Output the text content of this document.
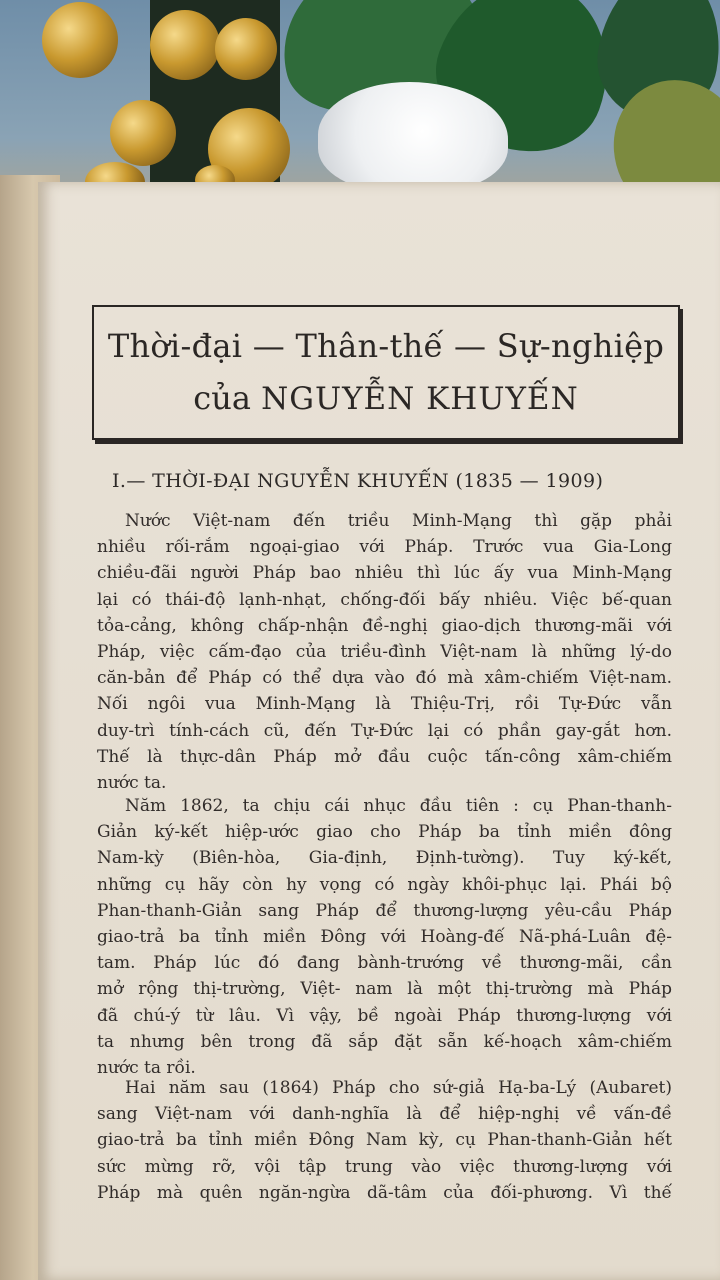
Thời-đại — Thân-thế — Sự-nghiệp
của NGUYỄN KHUYẾN
I.— THỜI-ĐẠI NGUYỄN KHUYẾN (1835 — 1909)
Nước Việt-nam đến triều Minh-Mạng thì gặp phải
nhiều rối-rắm ngoại-giao với Pháp. Trước vua Gia-Long
chiều-đãi người Pháp bao nhiêu thì lúc ấy vua Minh-Mạng
lại có thái-độ lạnh-nhạt, chống-đối bấy nhiêu. Việc bế-quan
tỏa-cảng, không chấp-nhận đề-nghị giao-dịch thương-mãi với
Pháp, việc cấm-đạo của triều-đình Việt-nam là những lý-do
căn-bản để Pháp có thể dựa vào đó mà xâm-chiếm Việt-nam.
Nối ngôi vua Minh-Mạng là Thiệu-Trị, rồi Tự-Đức vẫn
duy-trì tính-cách cũ, đến Tự-Đức lại có phần gay-gắt hơn.
Thế là thực-dân Pháp mở đầu cuộc tấn-công xâm-chiếm
nước ta.
Năm 1862, ta chịu cái nhục đầu tiên : cụ Phan-thanh-
Giản ký-kết hiệp-ước giao cho Pháp ba tỉnh miền đông
Nam-kỳ (Biên-hòa, Gia-định, Định-tường). Tuy ký-kết,
những cụ hãy còn hy vọng có ngày khôi-phục lại. Phái bộ
Phan-thanh-Giản sang Pháp để thương-lượng yêu-cầu Pháp
giao-trả ba tỉnh miền Đông với Hoàng-đế Nã-phá-Luân đệ-
tam. Pháp lúc đó đang bành-trướng về thương-mãi, cần
mở rộng thị-trường, Việt- nam là một thị-trường mà Pháp
đã chú-ý từ lâu. Vì vậy, bề ngoài Pháp thương-lượng với
ta nhưng bên trong đã sắp đặt sẵn kế-hoạch xâm-chiếm
nước ta rồi.
Hai năm sau (1864) Pháp cho sứ-giả Hạ-ba-Lý (Aubaret)
sang Việt-nam với danh-nghĩa là để hiệp-nghị về vấn-đề
giao-trả ba tỉnh miền Đông Nam kỳ, cụ Phan-thanh-Giản hết
sức mừng rỡ, vội tập trung vào việc thương-lượng với
Pháp mà quên ngăn-ngừa dã-tâm của đối-phương. Vì thế
